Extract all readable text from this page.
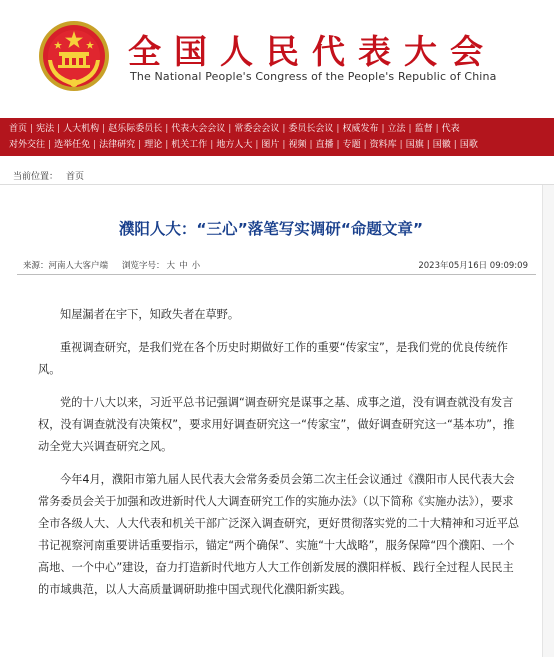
全国人民代表大会
The National People's Congress of the People's Republic of China
首页 | 宪法 | 人大机构 | 赵乐际委员长 | 代表大会会议 | 常委会会议 | 委员长会议 | 权威发布 | 立法 | 监督 | 代表
对外交往 | 选举任免 | 法律研究 | 理论 | 机关工作 | 地方人大 | 图片 | 视频 | 直播 | 专题 | 资料库 | 国旗 | 国徽 | 国歌
当前位置： 首页
濮阳人大：“三心”落笔写实调研“命题文章”
来源：河南人大客户端 浏览字号： 大 中 小	2023年05月16日 09:09:09

知屋漏者在宇下，知政失者在草野。

重视调查研究，是我们党在各个历史时期做好工作的重要“传家宝”，是我们党的优良传统作风。

党的十八大以来，习近平总书记强调“调查研究是谋事之基、成事之道，没有调查就没有发言权，没有调查就没有决策权”，要求用好调查研究这一“传家宝”，做好调查研究这一“基本功”，推动全党大兴调查研究之风。

今年4月，濮阳市第九届人民代表大会常务委员会第二次主任会议通过《濮阳市人民代表大会常务委员会关于加强和改进新时代人大调查研究工作的实施办法》（以下简称《实施办法》），要求全市各级人大、人大代表和机关干部广泛深入调查研究，更好贯彻落实党的二十大精神和习近平总书记视察河南重要讲话重要指示，锚定“两个确保”、实施“十大战略”，服务保障“四个濮阳、一个高地、一个中心”建设，奋力打造新时代地方人大工作创新发展的濮阳样板、践行全过程人民民主的市域典范，以人大高质量调研助推中国式现代化濮阳新实践。
